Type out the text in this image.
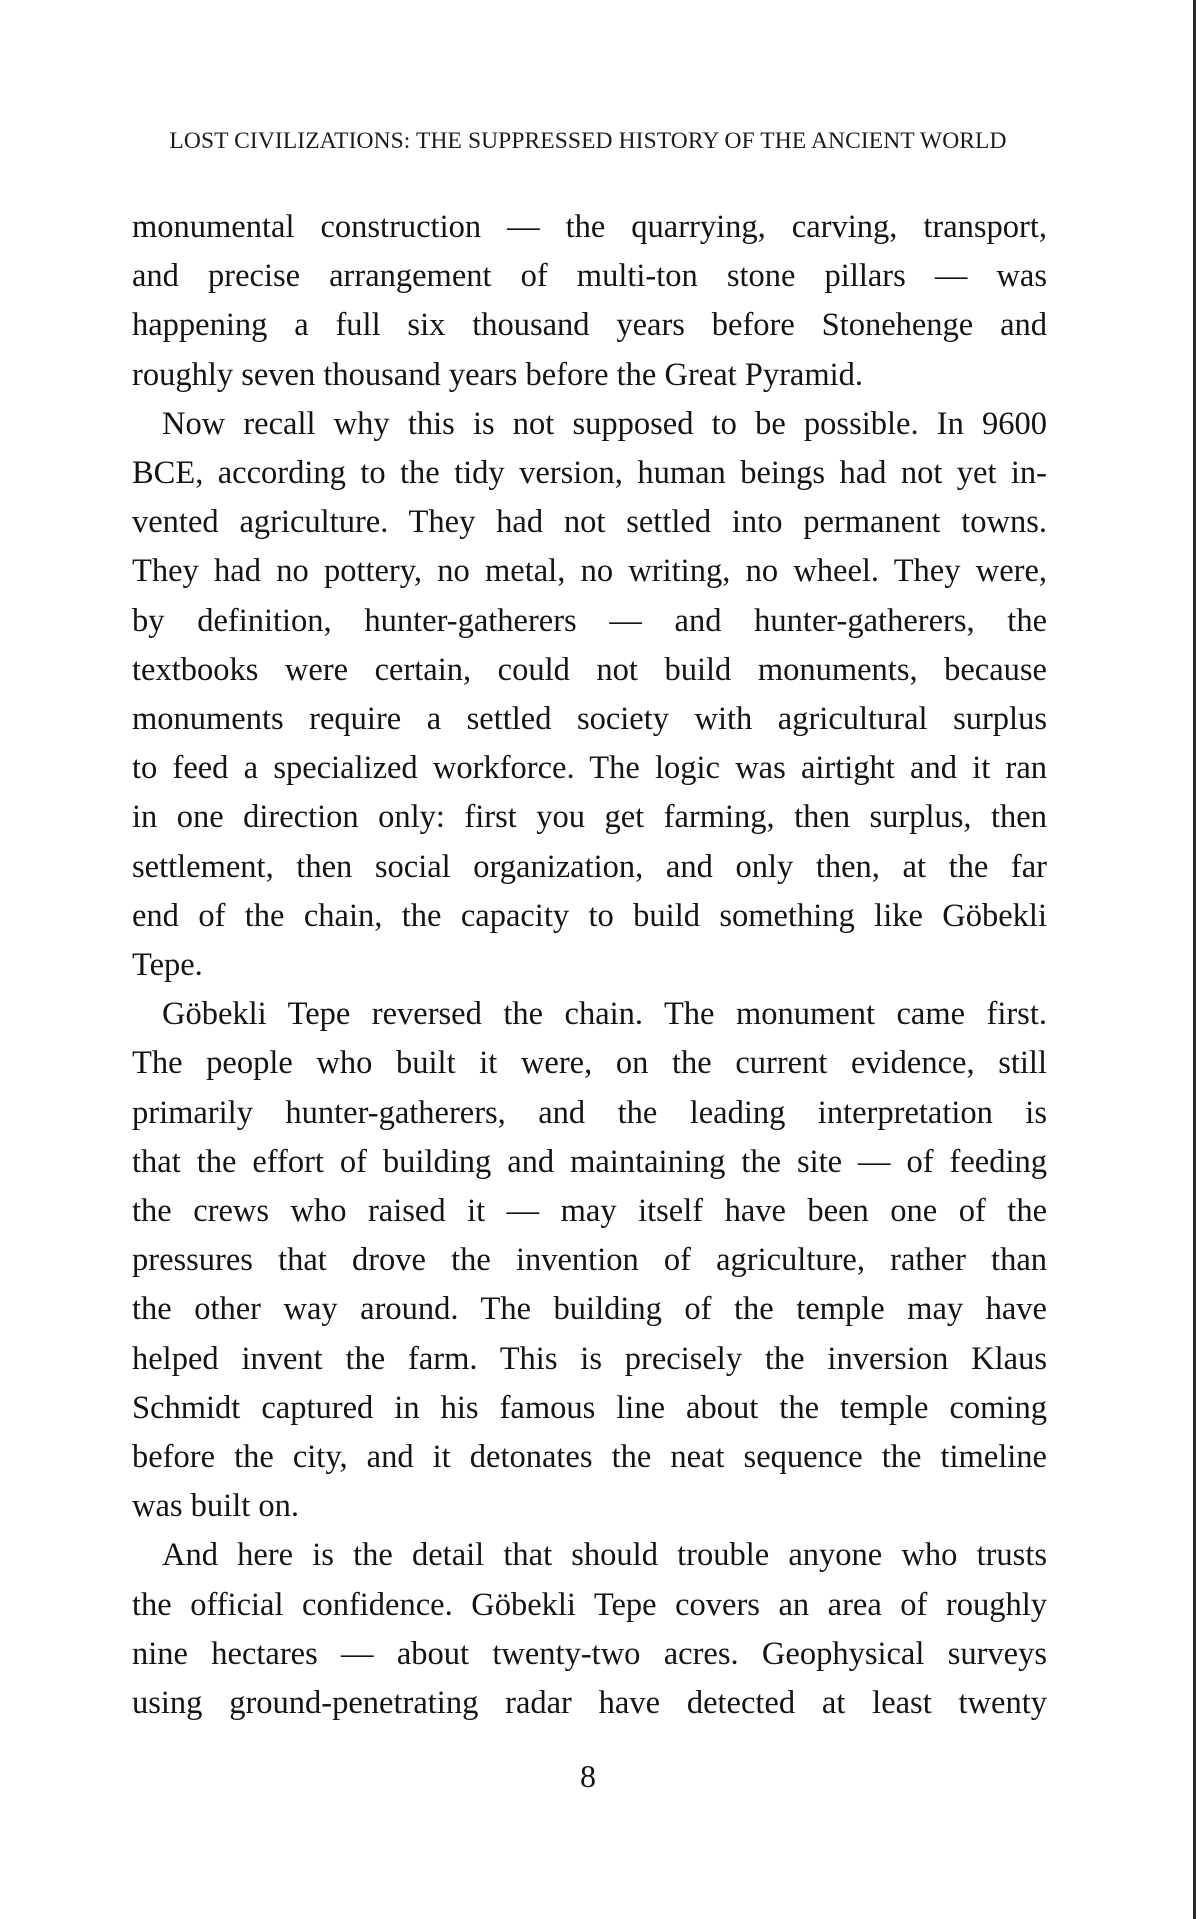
LOST CIVILIZATIONS: THE SUPPRESSED HISTORY OF THE ANCIENT WORLD

monumental construction — the quarrying, carving, transport,
and precise arrangement of multi-ton stone pillars — was
happening a full six thousand years before Stonehenge and
roughly seven thousand years before the Great Pyramid.

Now recall why this is not supposed to be possible. In 9600
BCE, according to the tidy version, human beings had not yet in-
vented agriculture. They had not settled into permanent towns.
They had no pottery, no metal, no writing, no wheel. They were,
by definition, hunter-gatherers — and hunter-gatherers, the
textbooks were certain, could not build monuments, because
monuments require a settled society with agricultural surplus
to feed a specialized workforce. The logic was airtight and it ran
in one direction only: first you get farming, then surplus, then
settlement, then social organization, and only then, at the far
end of the chain, the capacity to build something like Göbekli
Tepe.

Göbekli Tepe reversed the chain. The monument came first.
The people who built it were, on the current evidence, still
primarily hunter-gatherers, and the leading interpretation is
that the effort of building and maintaining the site — of feeding
the crews who raised it — may itself have been one of the
pressures that drove the invention of agriculture, rather than
the other way around. The building of the temple may have
helped invent the farm. This is precisely the inversion Klaus
Schmidt captured in his famous line about the temple coming
before the city, and it detonates the neat sequence the timeline
was built on.

And here is the detail that should trouble anyone who trusts
the official confidence. Göbekli Tepe covers an area of roughly
nine hectares — about twenty-two acres. Geophysical surveys
using ground-penetrating radar have detected at least twenty

8
